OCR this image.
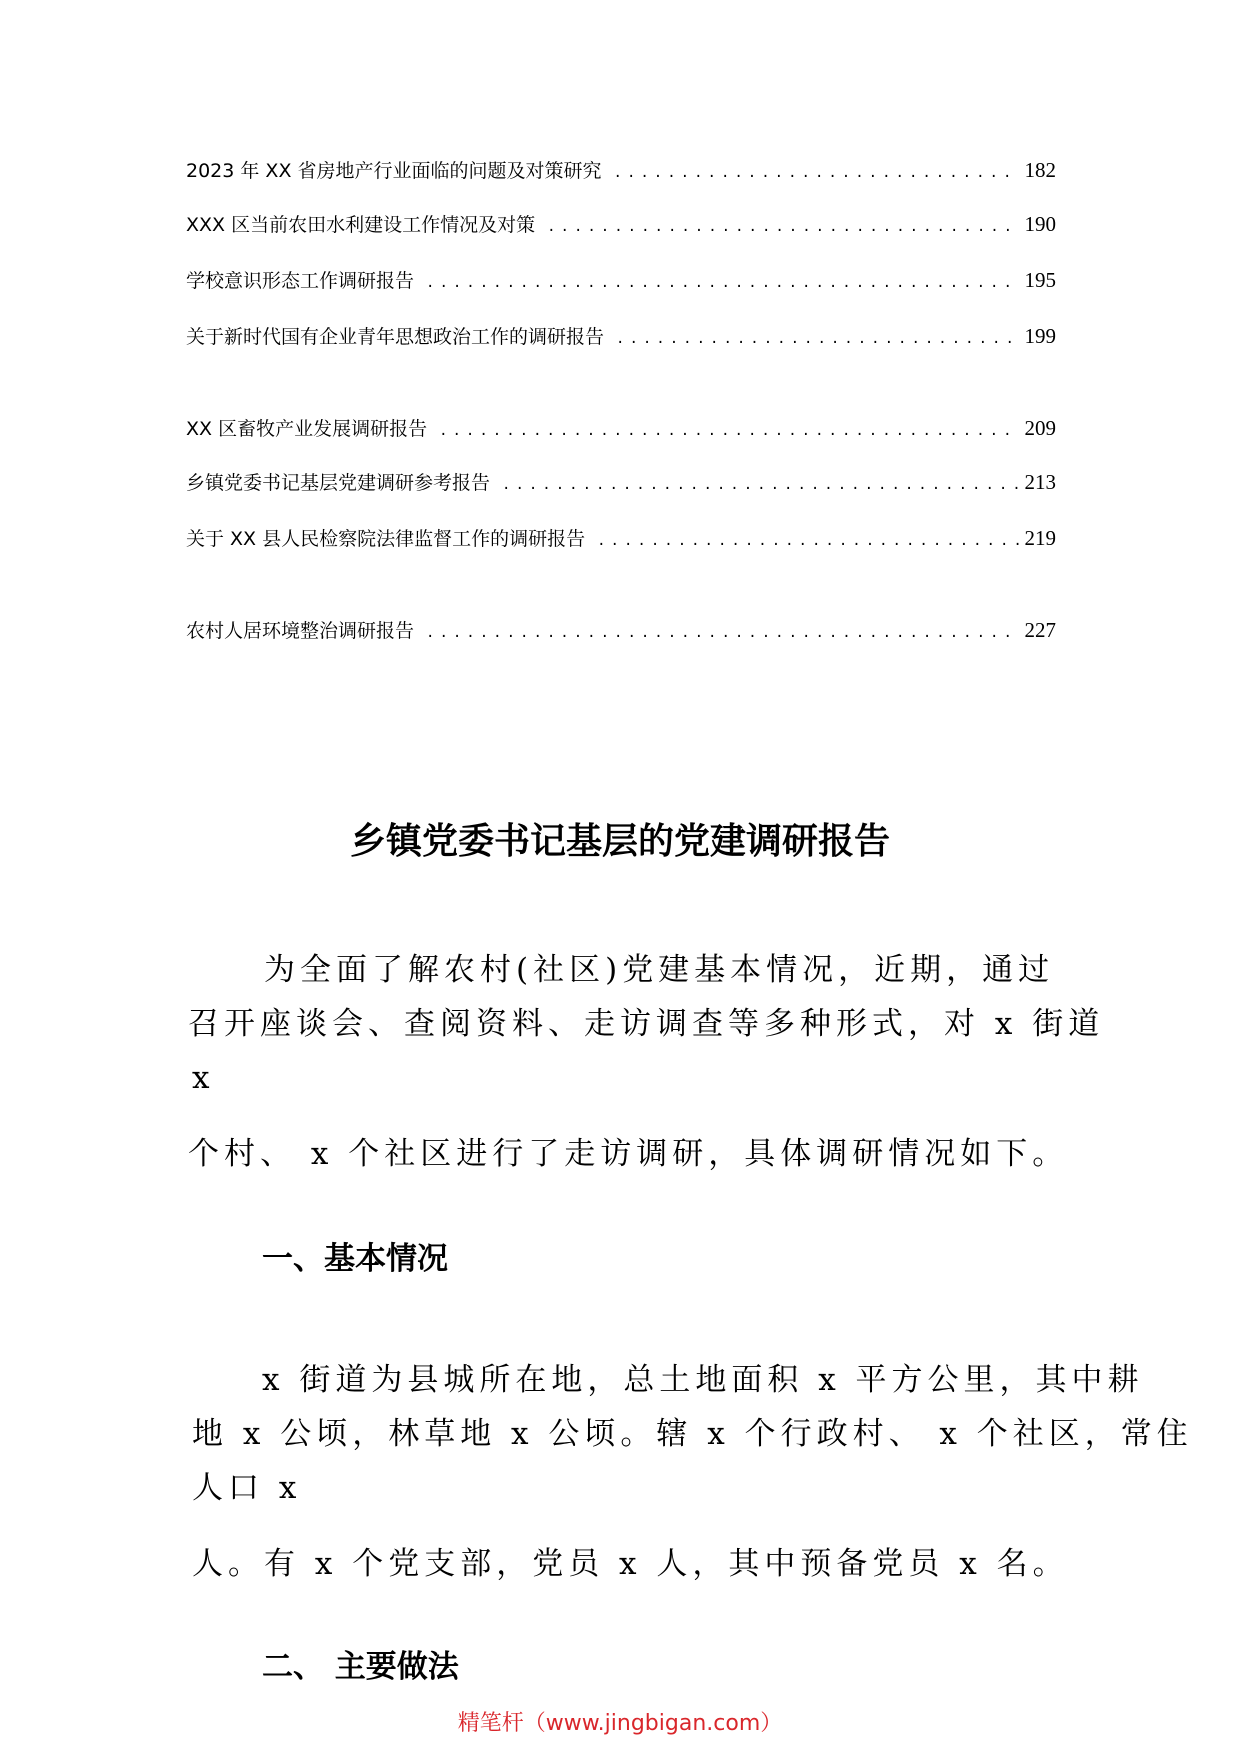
2023 年 XX 省房地产行业面临的问题及对策研究 .....	182
XXX 区当前农田水利建设工作情况及对策 .....	190
学校意识形态工作调研报告 .....	195
关于新时代国有企业青年思想政治工作的调研报告 .....	199
XX 区畜牧产业发展调研报告 .....	209
乡镇党委书记基层党建调研参考报告 .....	213
关于 XX 县人民检察院法律监督工作的调研报告 .....	219
农村人居环境整治调研报告 .....	227
乡镇党委书记基层的党建调研报告
为全面了解农村(社区)党建基本情况，近期，通过
召开座谈会、查阅资料、走访调查等多种形式，对 x 街道
x
个村、 x 个社区进行了走访调研，具体调研情况如下。
一、基本情况
x 街道为县城所在地，总土地面积 x 平方公里，其中耕
地 x 公顷，林草地 x 公顷。辖 x 个行政村、 x 个社区，常住
人口 x
人。有 x 个党支部，党员 x 人，其中预备党员 x 名。
二、 主要做法
精笔杆（www.jingbigan.com）
